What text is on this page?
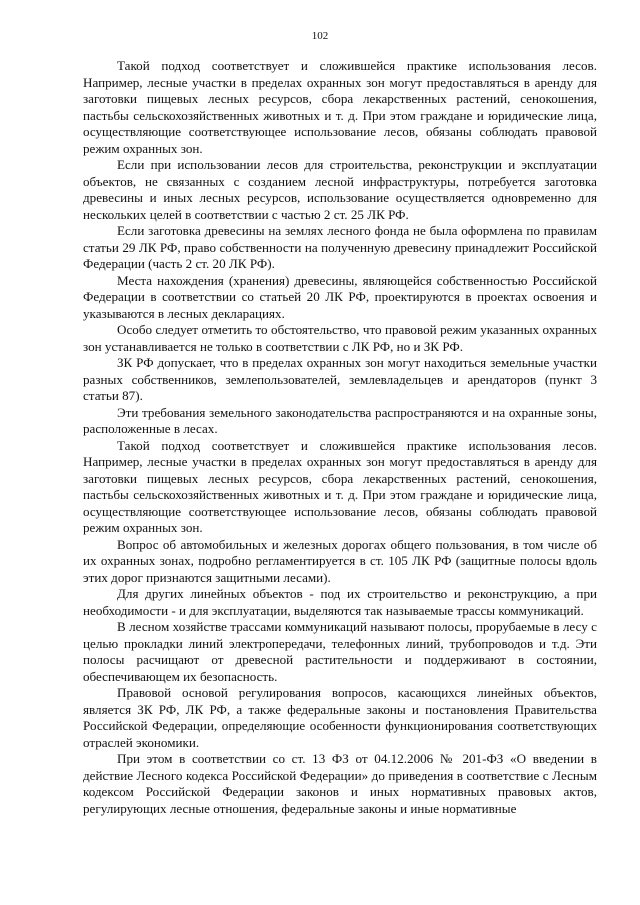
102

Такой подход соответствует и сложившейся практике использования лесов. Например, лесные участки в пределах охранных зон могут предоставляться в аренду для заготовки пищевых лесных ресурсов, сбора лекарственных растений, сенокошения, пастьбы сельскохозяйственных животных и т. д. При этом граждане и юридические лица, осуществляющие соответствующее использование лесов, обязаны соблюдать правовой режим охранных зон.

Если при использовании лесов для строительства, реконструкции и эксплуатации объектов, не связанных с созданием лесной инфраструктуры, потребуется заготовка древесины и иных лесных ресурсов, использование осуществляется одновременно для нескольких целей в соответствии с частью 2 ст. 25 ЛК РФ.

Если заготовка древесины на землях лесного фонда не была оформлена по правилам статьи 29 ЛК РФ, право собственности на полученную древесину принадлежит Российской Федерации (часть 2 ст. 20 ЛК РФ).

Места нахождения (хранения) древесины, являющейся собственностью Российской Федерации в соответствии со статьей 20 ЛК РФ, проектируются в проектах освоения и указываются в лесных декларациях.

Особо следует отметить то обстоятельство, что правовой режим указанных охранных зон устанавливается не только в соответствии с ЛК РФ, но и ЗК РФ.

ЗК РФ допускает, что в пределах охранных зон могут находиться земельные участки разных собственников, землепользователей, землевладельцев и арендаторов (пункт 3 статьи 87).

Эти требования земельного законодательства распространяются и на охранные зоны, расположенные в лесах.

Такой подход соответствует и сложившейся практике использования лесов. Например, лесные участки в пределах охранных зон могут предоставляться в аренду для заготовки пищевых лесных ресурсов, сбора лекарственных растений, сенокошения, пастьбы сельскохозяйственных животных и т. д. При этом граждане и юридические лица, осуществляющие соответствующее использование лесов, обязаны соблюдать правовой режим охранных зон.

Вопрос об автомобильных и железных дорогах общего пользования, в том числе об их охранных зонах, подробно регламентируется в ст. 105 ЛК РФ (защитные полосы вдоль этих дорог признаются защитными лесами).

Для других линейных объектов - под их строительство и реконструкцию, а при необходимости - и для эксплуатации, выделяются так называемые трассы коммуникаций.

В лесном хозяйстве трассами коммуникаций называют полосы, прорубаемые в лесу с целью прокладки линий электропередачи, телефонных линий, трубопроводов и т.д. Эти полосы расчищают от древесной растительности и поддерживают в состоянии, обеспечивающем их безопасность.

Правовой основой регулирования вопросов, касающихся линейных объектов, является ЗК РФ, ЛК РФ, а также федеральные законы и постановления Правительства Российской Федерации, определяющие особенности функционирования соответствующих отраслей экономики.

При этом в соответствии со ст. 13 ФЗ от 04.12.2006 № 201-ФЗ «О введении в действие Лесного кодекса Российской Федерации» до приведения в соответствие с Лесным кодексом Российской Федерации законов и иных нормативных правовых актов, регулирующих лесные отношения, федеральные законы и иные нормативные
